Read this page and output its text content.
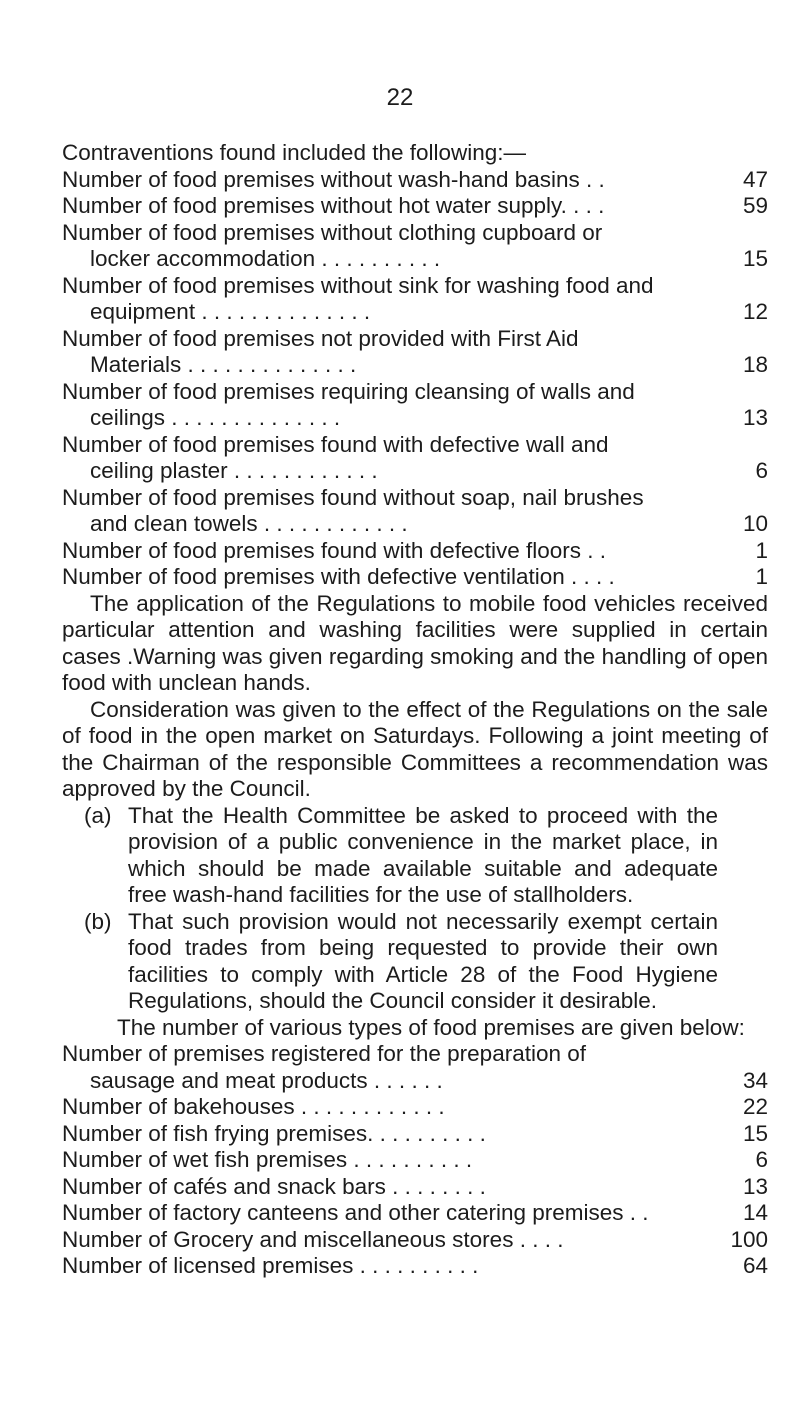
22

Contraventions found included the following:—

Number of food premises without wash-hand basins . .	47
Number of food premises without hot water supply. . . .	59
Number of food premises without clothing cupboard or
locker accommodation . . . . . . . . . .	15
Number of food premises without sink for washing food and
equipment . . . . . . . . . . . . . .	12
Number of food premises not provided with First Aid
Materials . . . . . . . . . . . . . .	18
Number of food premises requiring cleansing of walls and
ceilings . . . . . . . . . . . . . .	13
Number of food premises found with defective wall and
ceiling plaster . . . . . . . . . . . .	6
Number of food premises found without soap, nail brushes
and clean towels . . . . . . . . . . . .	10
Number of food premises found with defective floors . .	1
Number of food premises with defective ventilation . . . .	1

The application of the Regulations to mobile food vehicles received particular attention and washing facilities were supplied in certain cases .Warning was given regarding smoking and the handling of open food with unclean hands.

Consideration was given to the effect of the Regulations on the sale of food in the open market on Saturdays. Following a joint meeting of the Chairman of the responsible Committees a recommendation was approved by the Council.

(a) That the Health Committee be asked to proceed with the provision of a public convenience in the market place, in which should be made available suitable and adequate free wash-hand facilities for the use of stallholders.
(b) That such provision would not necessarily exempt certain food trades from being requested to provide their own facilities to comply with Article 28 of the Food Hygiene Regulations, should the Council consider it desirable.

The number of various types of food premises are given below:

Number of premises registered for the preparation of
sausage and meat products . . . . . .	34
Number of bakehouses . . . . . . . . . . . .	22
Number of fish frying premises. . . . . . . . . .	15
Number of wet fish premises . . . . . . . . . .	6
Number of cafés and snack bars . . . . . . . .	13
Number of factory canteens and other catering premises . .	14
Number of Grocery and miscellaneous stores . . . .	100
Number of licensed premises . . . . . . . . . .	64
